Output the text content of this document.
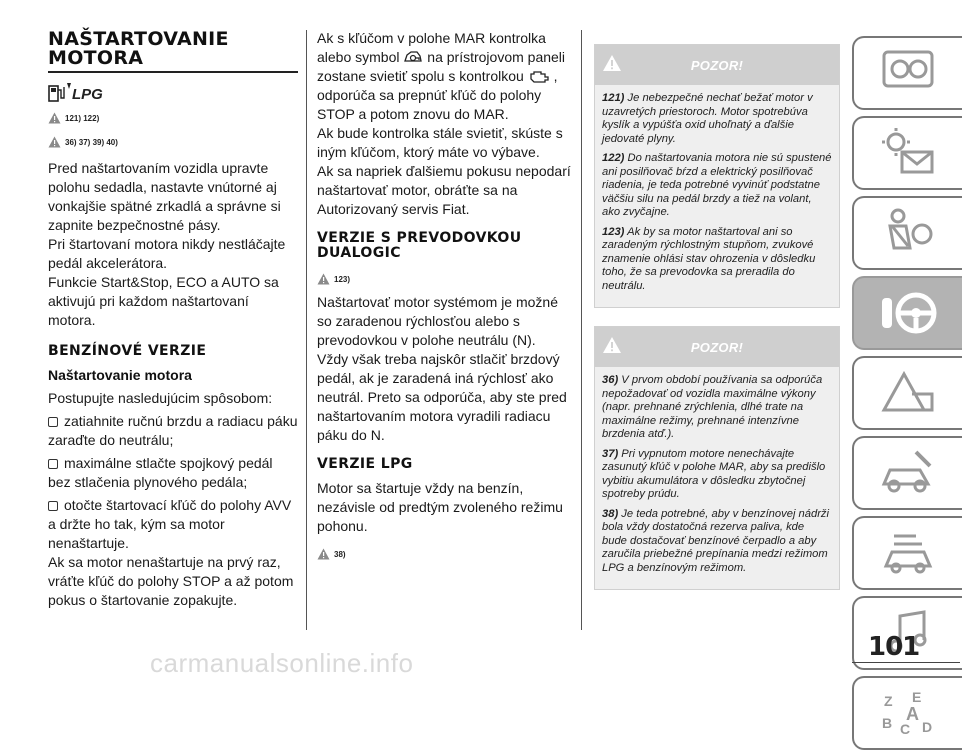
NAŠTARTOVANIE
MOTORA
LPG
121) 122)
36) 37) 39) 40)

Pred naštartovaním vozidla upravte polohu sedadla, nastavte vnútorné aj vonkajšie spätné zrkadlá a správne si zapnite bezpečnostné pásy.

Pri štartovaní motora nikdy nestláčajte pedál akcelerátora.

Funkcie Start&Stop, ECO a AUTO sa aktivujú pri každom naštartovaní motora.

BENZÍNOVÉ VERZIE
Naštartovanie motora

Postupujte nasledujúcim spôsobom:

zatiahnite ručnú brzdu a radiacu páku zaraďte do neutrálu;

maximálne stlačte spojkový pedál bez stlačenia plynového pedála;

otočte štartovací kľúč do polohy AVV a držte ho tak, kým sa motor nenaštartuje.

Ak sa motor nenaštartuje na prvý raz, vráťte kľúč do polohy STOP a až potom pokus o štartovanie zopakujte.

Ak s kľúčom v polohe MAR kontrolka alebo symbol na prístrojovom paneli zostane svietiť spolu s kontrolkou , odporúča sa prepnúť kľúč do polohy STOP a potom znovu do MAR.

Ak bude kontrolka stále svietiť, skúste s iným kľúčom, ktorý máte vo výbave.

Ak sa napriek ďalšiemu pokusu nepodarí naštartovať motor, obráťte sa na Autorizovaný servis Fiat.

VERZIE S PREVODOVKOU
DUALOGIC
123)

Naštartovať motor systémom je možné so zaradenou rýchlosťou alebo s prevodovkou v polohe neutrálu (N).

Vždy však treba najskôr stlačiť brzdový pedál, ak je zaradená iná rýchlosť ako neutrál. Preto sa odporúča, aby ste pred naštartovaním motora vyradili radiacu páku do N.

VERZIE LPG

Motor sa štartuje vždy na benzín, nezávisle od predtým zvoleného režimu pohonu.

38)
POZOR!

121) Je nebezpečné nechať bežať motor v uzavretých priestoroch. Motor spotrebúva kyslík a vypúšťa oxid uhoľnatý a ďalšie jedovaté plyny.

122) Do naštartovania motora nie sú spustené ani posilňovač bŕzd a elektrický posilňovač riadenia, je teda potrebné vyvinúť podstatne väčšiu silu na pedál brzdy a tiež na volant, ako zvyčajne.

123) Ak by sa motor naštartoval ani so zaradeným rýchlostným stupňom, zvukové znamenie ohlási stav ohrozenia v dôsledku toho, že sa prevodovka sa preradila do neutrálu.

POZOR!

36) V prvom období používania sa odporúča nepožadovať od vozidla maximálne výkony (napr. prehnané zrýchlenia, dlhé trate na maximálne režimy, prehnané intenzívne brzdenia atď.).

37) Pri vypnutom motore nenechávajte zasunutý kľúč v polohe MAR, aby sa predišlo vybitiu akumulátora v dôsledku zbytočnej spotreby prúdu.

38) Je teda potrebné, aby v benzínovej nádrži bola vždy dostatočná rezerva paliva, kde bude dostačovať benzínové čerpadlo a aby zaručila priebežné prepínania medzi režimom LPG a benzínovým režimom.

Z E
B C
A
D
101
carmanualsonline.info
